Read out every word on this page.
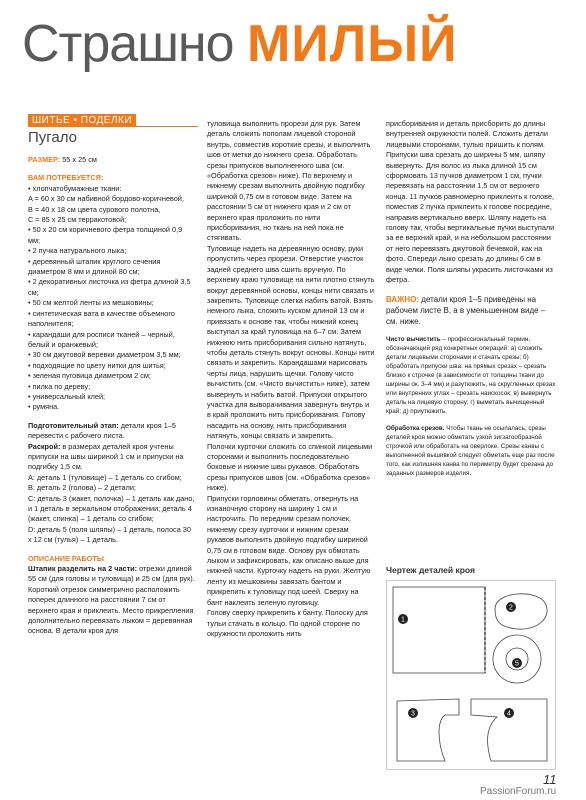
Страшно МИЛЫЙ
ШИТЬЕ • ПОДЕЛКИ
Пугало

РАЗМЕР: 55 x 25 см

ВАМ ПОТРЕБУЕТСЯ:

• хлопчатобумажные ткани:

A = 60 x 30 см набивной бордово-коричневой,

B = 40 x 18 см цвета сурового полотна,

C = 85 x 25 см терракотовой;

• 50 x 20 см коричневого фетра толщиной 0,9 мм;

• 2 пучка натурального лыка;

• деревянный штапик круглого сечения диаметром 8 мм и длиной 80 см;

• 2 декоративных листочка из фетра длиной 3,5 см;

• 50 см желтой ленты из мешковины;

• синтетическая вата в качестве объемного наполнителя;

• карандаши для росписи тканей – черный, белый и оранжевый;

• 30 см джутовой веревки диаметром 3,5 мм;

• подходящие по цвету нитки для шитья;

• зеленая пуговица диаметром 2 см;

• пилка по дереву;

• универсальный клей;

• румяна.

Подготовительный этап: детали кроя 1–5 перевести с рабочего листа.

Раскрой: в размерах деталей кроя учтены припуски на швы шириной 1 см и припуски на подгибку 1,5 см.

A: деталь 1 (туловище) – 1 деталь со сгибом;

B: деталь 2 (голова) – 2 детали;

C: деталь 3 (жакет, полочка) – 1 деталь как дано, и 1 деталь в зеркальном отображении; деталь 4 (жакет, спинка) – 1 деталь со сгибом;

D: деталь 5 (поля шляпы) – 1 деталь, полоса 30 x 12 см (тулья) – 1 деталь.

ОПИСАНИЕ РАБОТЫ

Штапик разделить на 2 части: отрезки длиной 55 см (для головы и туловища) и 25 см (для рук). Короткий отрезок симметрично расположить поперек длинного на расстоянии 7 см от верхнего края и приклеить. Место прикрепления дополнительно перевязать лыком = деревянная основа. В детали кроя для

туловища выполнить прорези для рук. Затем деталь сложить пополам лицевой стороной внутрь, совместив короткие срезы, и выполнить шов от метки до нижнего среза. Обработать срезы припусков выполненного шва (см. «Обработка срезов» ниже). По верхнему и нижнему срезам выполнить двойную подгибку шириной 0,75 см в готовом виде. Затем на расстоянии 5 см от нижнего края и 2 см от верхнего края проложить по нити присборивания, но ткань на ней пока не стягивать.

Туловище надеть на деревянную основу, руки пропустить через прорези. Отверстие участок задней среднего шва сшить вручную. По верхнему краю туловище на нити плотно стянуть вокруг деревянной основы, концы нити связать и закрепить. Туловище слегка набить ватой. Взять немного лыка, сложить куском длиной 13 см и привязать к основе так, чтобы нижний конец выступал за край туловища на 6–7 см. Затем нижнюю нить присборивания сильно натянуть, чтобы деталь стянуть вокруг основы. Концы нити связать и закрепить. Карандашами нарисовать черты лица, нарушить щечки. Голову чисто вычистить (см. «Чисто вычистить» ниже), затем вывернуть и набить ватой. Припуски открытого участка для выворачивания завернуть внутрь и в край проложить нить присборивания. Голову насадить на основу, нить присборивания натянуть, концы связать и закрепить.

Полочки курточки сложить со спинкой лицевыми сторонами и выполнить последовательно боковые и нижние швы рукавов. Обработать срезы припусков швов (см. «Обработка срезов» ниже).

Припуски горловины обметать, отвернуть на изнаночную сторону на ширину 1 см и настрочить. По передним срезам полочек, нижнему срезу курточки и нижним срезам рукавов выполнить двойную подгибку шириной 0,75 см в готовом виде. Основу рук обмотать лыком и зафиксировать, как описано выше для нижней части. Курточку надеть на руки. Желтую ленту из мешковины завязать бантом и прикрепить к туловищу под шеей. Сверху на бант наклеить зеленую пуговицу.

Голову сверху прикрепить к банту. Полоску для тульи стачать в кольцо. По одной стороне по окружности проложить нить

присборивания и деталь присборить до длины внутренней окружности полей. Сложить детали лицевыми сторонами, тулью пришить к полям. Припуски шва срезать до ширины 5 мм, шляпу вывернуть. Для волос из лыка длиной 15 см сформовать 13 пучков диаметром 1 см, пучки перевязать на расстоянии 1,5 см от верхнего конца. 11 пучков равномерно приклеить к голове, поместив 2 пучка приклеить к голове посредине, направив вертикально вверх. Шляпу надеть на голову так, чтобы вертикальные пучки выступали за ее верхний край, и на небольшом расстоянии от него перевязать джутовой бечевкой, как на фото. Спереди лыко срезать до длины 6 см в виде челки. Поля шляпы украсить листочками из фетра.

ВАЖНО: детали кроя 1–5 приведены на рабочем листе B, а в уменьшенном виде – см. ниже.

Чисто вычистить – профессиональный термин, обозначающий ряд конкретных операций: а) сложить детали лицевыми сторонами и стачать срезы; б) обработать припуски шва: на прямых срезах – срезать близко к строчке (в зависимости от толщины ткани до ширины ок. 3–4 мм) и разутюжить, на скругленных срезах или внутренних углах – срезать наискосок; в) вывернуть деталь на лицевую сторону; г) выметать вычищенный край; д) приутюжить.

Обработка срезов. Чтобы ткань не осыпалась, срезы деталей кроя можно обметать узкой зигзагообразной строчкой или обработать на оверлоке. Срезы канвы с выполненной вышивкой следует обметать еще раз после того, как излишняя канва по периметру будет срезана до заданных размеров изделия.

Чертеж деталей кроя
1
2
5
3	4
11
PassionForum.ru
